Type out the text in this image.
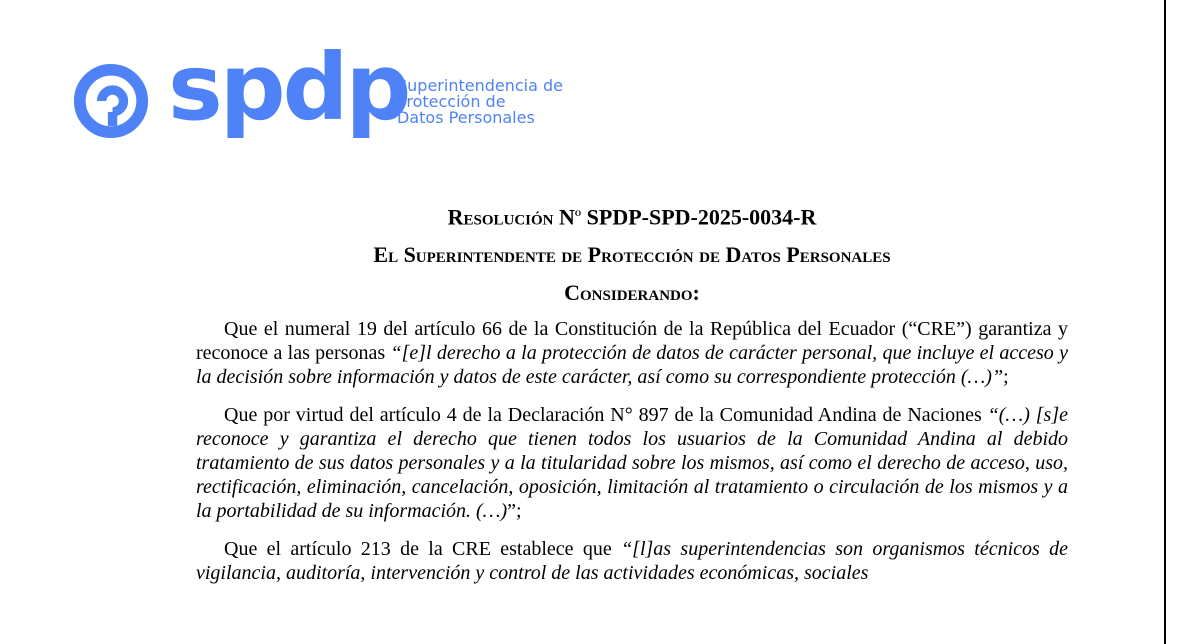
spdp
Superintendencia de
Protección de
Datos Personales
Resolución $N^o$ SPDP-SPD-2025-0034-R
El Superintendente de Protección de Datos Personales
Considerando:

Que el numeral 19 del artículo 66 de la Constitución de la República del Ecuador (“CRE”) garantiza y reconoce a las personas “[e]l derecho a la protección de datos de carácter personal, que incluye el acceso y la decisión sobre información y datos de este carácter, así como su correspondiente protección (…)”;

Que por virtud del artículo 4 de la Declaración N° 897 de la Comunidad Andina de Naciones “(…) [s]e reconoce y garantiza el derecho que tienen todos los usuarios de la Comunidad Andina al debido tratamiento de sus datos personales y a la titularidad sobre los mismos, así como el derecho de acceso, uso, rectificación, eliminación, cancelación, oposición, limitación al tratamiento o circulación de los mismos y a la portabilidad de su información. (…)”;

Que el artículo 213 de la CRE establece que “[l]as superintendencias son organismos técnicos de vigilancia, auditoría, intervención y control de las actividades económicas, sociales
